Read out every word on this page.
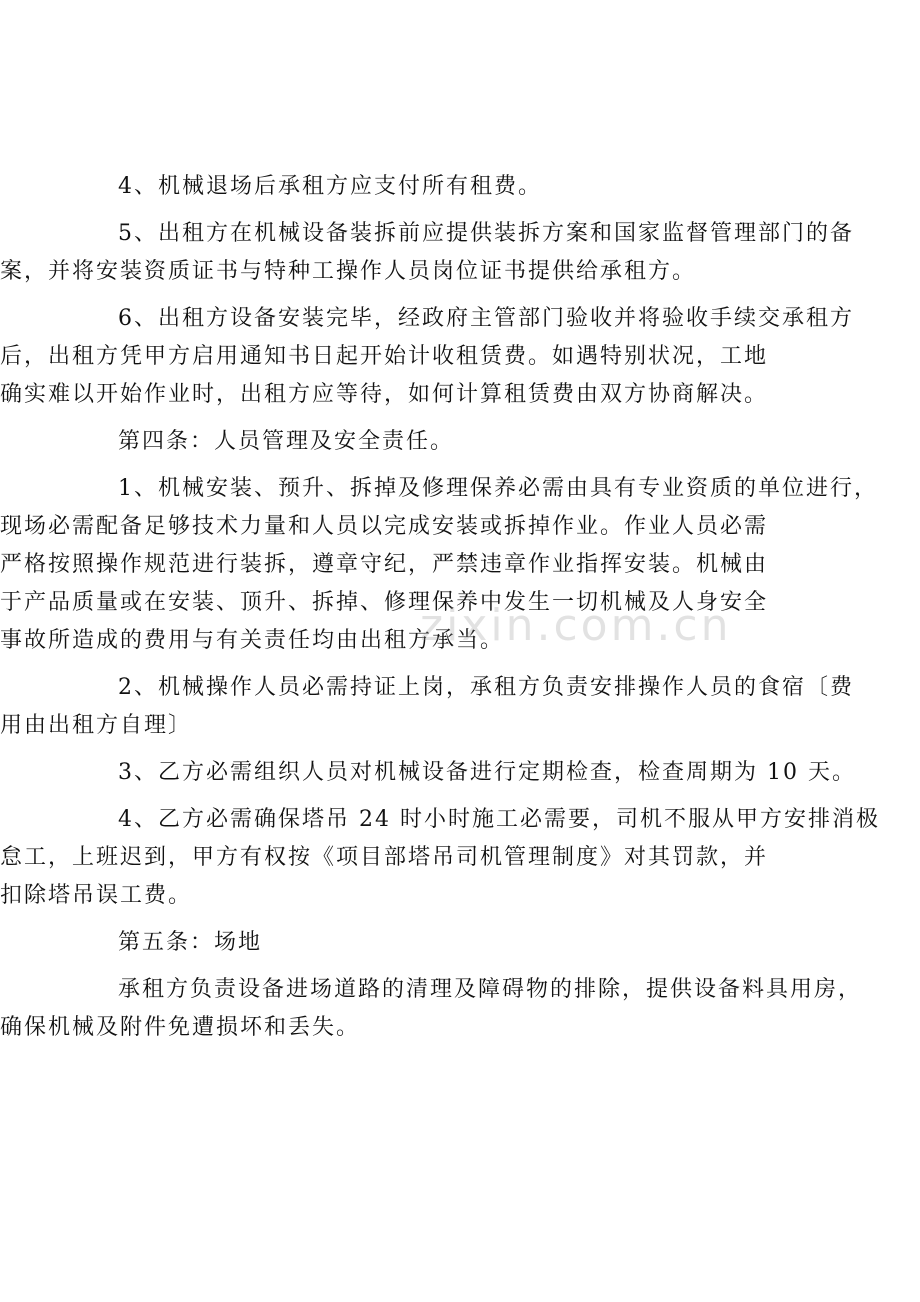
4、机械退场后承租方应支付所有租费。
5、出租方在机械设备装拆前应提供装拆方案和国家监督管理部门的备
案，并将安装资质证书与特种工操作人员岗位证书提供给承租方。
6、出租方设备安装完毕，经政府主管部门验收并将验收手续交承租方
后，出租方凭甲方启用通知书日起开始计收租赁费。如遇特别状况，工地
确实难以开始作业时，出租方应等待，如何计算租赁费由双方协商解决。
第四条：人员管理及安全责任。
1、机械安装、预升、拆掉及修理保养必需由具有专业资质的单位进行，
现场必需配备足够技术力量和人员以完成安装或拆掉作业。作业人员必需
严格按照操作规范进行装拆，遵章守纪，严禁违章作业指挥安装。机械由
于产品质量或在安装、顶升、拆掉、修理保养中发生一切机械及人身安全
事故所造成的费用与有关责任均由出租方承当。
2、机械操作人员必需持证上岗，承租方负责安排操作人员的食宿〔费
用由出租方自理〕
3、乙方必需组织人员对机械设备进行定期检查，检查周期为 10 天。
4、乙方必需确保塔吊 24 时小时施工必需要，司机不服从甲方安排消极
怠工，上班迟到，甲方有权按《项目部塔吊司机管理制度》对其罚款，并
扣除塔吊误工费。
第五条：场地
承租方负责设备进场道路的清理及障碍物的排除，提供设备料具用房，
确保机械及附件免遭损坏和丢失。
zixin.com.cn
